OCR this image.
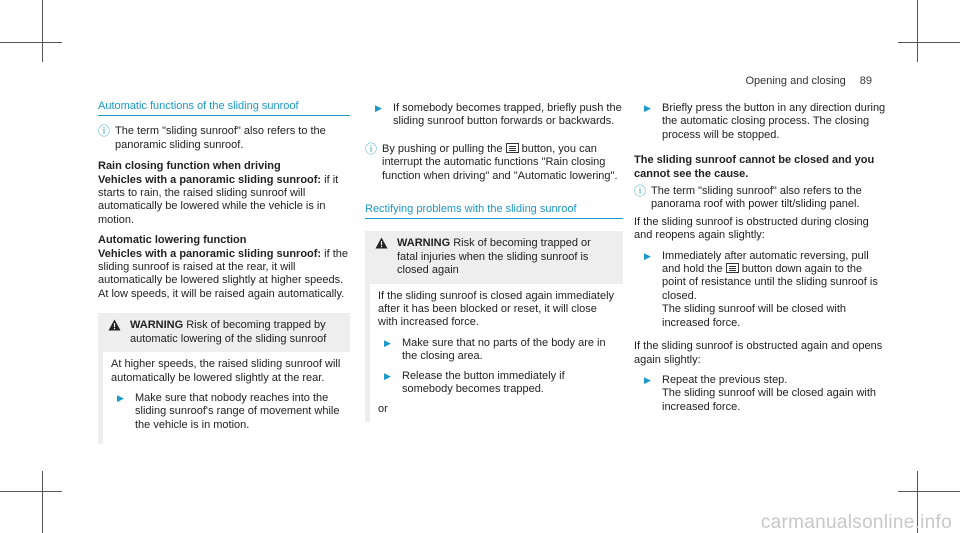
Opening and closing 89
Automatic functions of the sliding sunroof
ⓘ The term "sliding sunroof" also refers to the panoramic sliding sunroof.
Rain closing function when driving

Vehicles with a panoramic sliding sunroof: if it starts to rain, the raised sliding sunroof will automatically be lowered while the vehicle is in motion.

Automatic lowering function

Vehicles with a panoramic sliding sunroof: if the sliding sunroof is raised at the rear, it will automatically be lowered slightly at higher speeds. At low speeds, it will be raised again automatically.

WARNING Risk of becoming trapped by automatic lowering of the sliding sunroof

At higher speeds, the raised sliding sunroof will automatically be lowered slightly at the rear.

▶ Make sure that nobody reaches into the sliding sunroof's range of movement while the vehicle is in motion.
▶ If somebody becomes trapped, briefly push the sliding sunroof button forwards or backwards.
ⓘ By pushing or pulling the button, you can interrupt the automatic functions "Rain closing function when driving" and "Automatic lowering".
Rectifying problems with the sliding sunroof
WARNING Risk of becoming trapped or fatal injuries when the sliding sunroof is closed again

If the sliding sunroof is closed again immediately after it has been blocked or reset, it will close with increased force.

▶ Make sure that no parts of the body are in the closing area.
▶ Release the button immediately if somebody becomes trapped.
or
▶ Briefly press the button in any direction during the automatic closing process. The closing process will be stopped.
The sliding sunroof cannot be closed and you cannot see the cause.
ⓘ The term "sliding sunroof" also refers to the panorama roof with power tilt/sliding panel.

If the sliding sunroof is obstructed during closing and reopens again slightly:

▶ Immediately after automatic reversing, pull and hold the button down again to the point of resistance until the sliding sunroof is closed.
The sliding sunroof will be closed with increased force.

If the sliding sunroof is obstructed again and opens again slightly:

▶ Repeat the previous step.
The sliding sunroof will be closed again with increased force.
carmanualsonline.info
